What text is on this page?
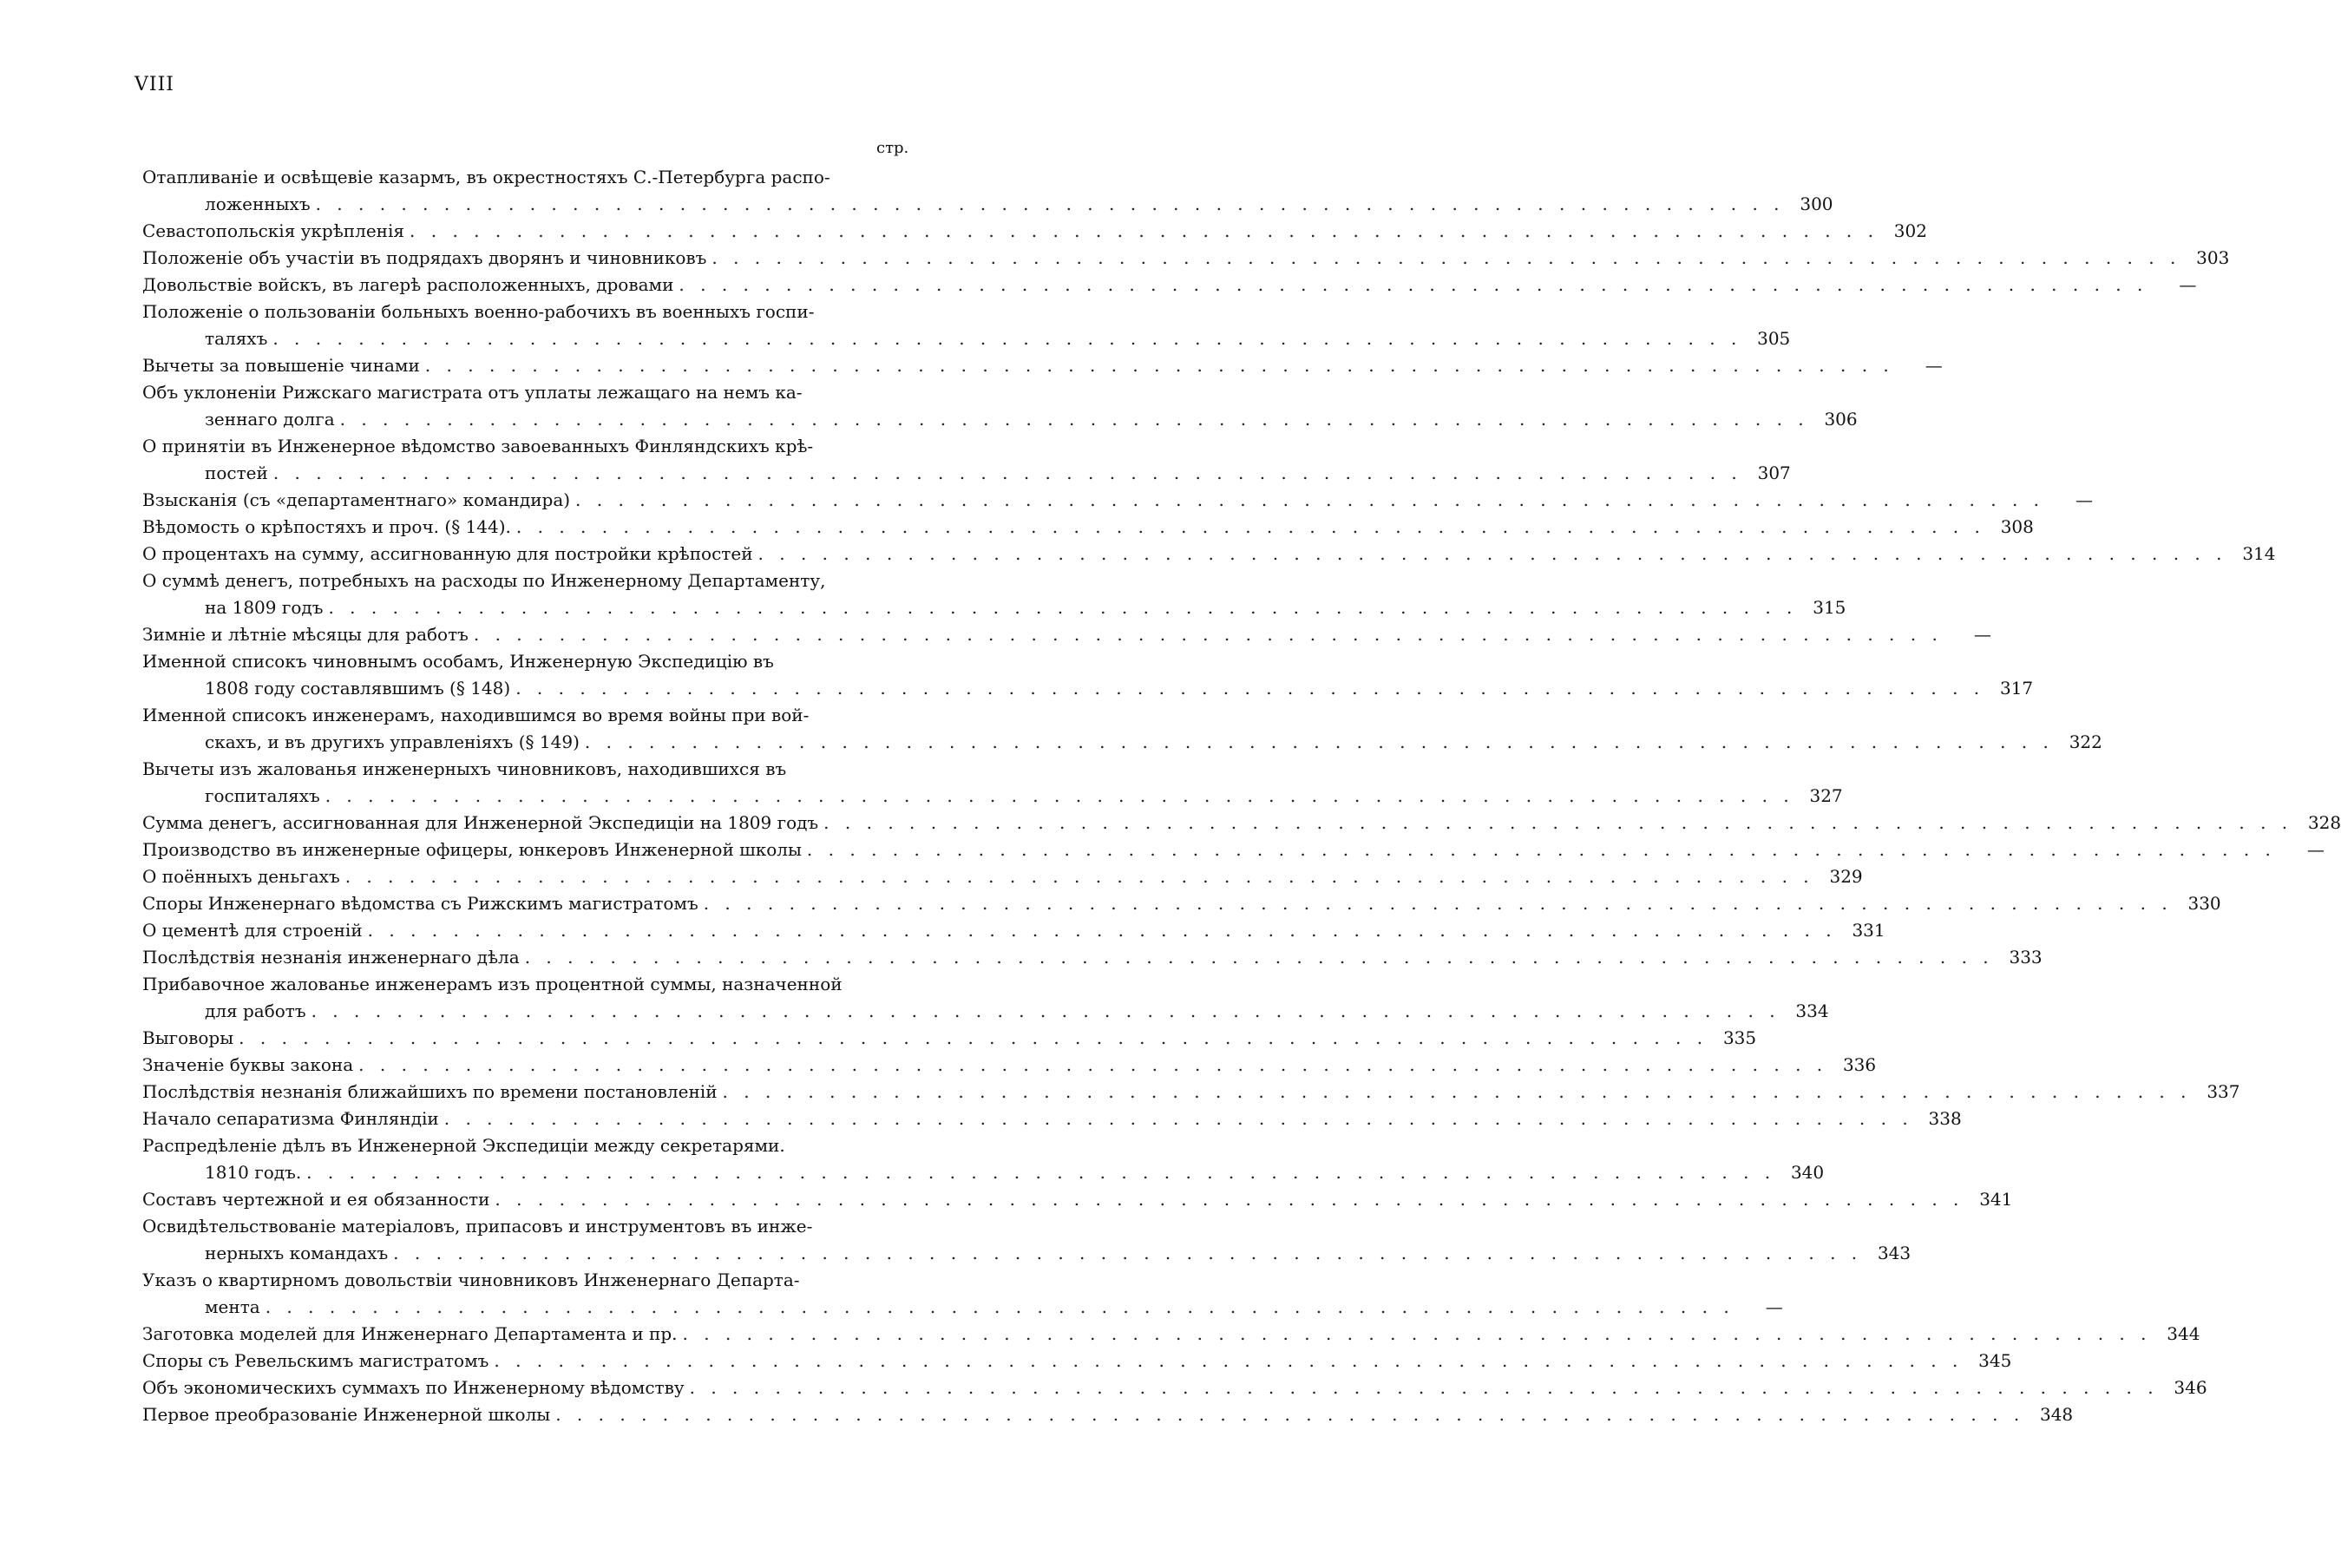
VIII
стр.
Отапливаніе и освѣщевіе казармъ, въ окрестностяхъ С.-Петербурга распо-
ложенныхъ . . .	300
Севастопольскія укрѣпленія . . .	302
Положеніе объ участіи въ подрядахъ дворянъ и чиновниковъ . . .	303
Довольствіе войскъ, въ лагерѣ расположенныхъ, дровами . . .	—
Положеніе о пользованіи больныхъ военно-рабочихъ въ военныхъ госпи-
таляхъ . . .	305
Вычеты за повышеніе чинами . . .	—
Объ уклоненіи Рижскаго магистрата отъ уплаты лежащаго на немъ ка-
зеннаго долга . . .	306
О принятіи въ Инженерное вѣдомство завоеванныхъ Финляндскихъ крѣ-
постей . . .	307
Взысканія (съ «департаментнаго» командира) . . .	—
Вѣдомость о крѣпостяхъ и проч. (§ 144). . . .	308
О процентахъ на сумму, ассигнованную для постройки крѣпостей . . .	314
О суммѣ денегъ, потребныхъ на расходы по Инженерному Департаменту,
на 1809 годъ . . .	315
Зимніе и лѣтніе мѣсяцы для работъ . . .	—
Именной списокъ чиновнымъ особамъ, Инженерную Экспедицію въ
1808 году составлявшимъ (§ 148) . . .	317
Именной списокъ инженерамъ, находившимся во время войны при вой-
скахъ, и въ другихъ управленіяхъ (§ 149) . . .	322
Вычеты изъ жалованья инженерныхъ чиновниковъ, находившихся въ
госпиталяхъ . . .	327
Сумма денегъ, ассигнованная для Инженерной Экспедиціи на 1809 годъ . . .	328
Производство въ инженерные офицеры, юнкеровъ Инженерной школы . . .	—
О поённыхъ деньгахъ . . .	329
Споры Инженернаго вѣдомства съ Рижскимъ магистратомъ . . .	330
О цементѣ для строеній . . .	331
Послѣдствія незнанія инженернаго дѣла . . .	333
Прибавочное жалованье инженерамъ изъ процентной суммы, назначенной
для работъ . . .	334
Выговоры . . .	335
Значеніе буквы закона . . .	336
Послѣдствія незнанія ближайшихъ по времени постановленій . . .	337
Начало сепаратизма Финляндіи . . .	338
Распредѣленіе дѣлъ въ Инженерной Экспедиціи между секретарями.
1810 годъ. . . .	340
Составъ чертежной и ея обязанности . . .	341
Освидѣтельствованіе матеріаловъ, припасовъ и инструментовъ въ инже-
нерныхъ командахъ . . .	343
Указъ о квартирномъ довольствіи чиновниковъ Инженернаго Департа-
мента . . .	—
Заготовка моделей для Инженернаго Департамента и пр. . . .	344
Споры съ Ревельскимъ магистратомъ . . .	345
Объ экономическихъ суммахъ по Инженерному вѣдомству . . .	346
Первое преобразованіе Инженерной школы . . .	348
